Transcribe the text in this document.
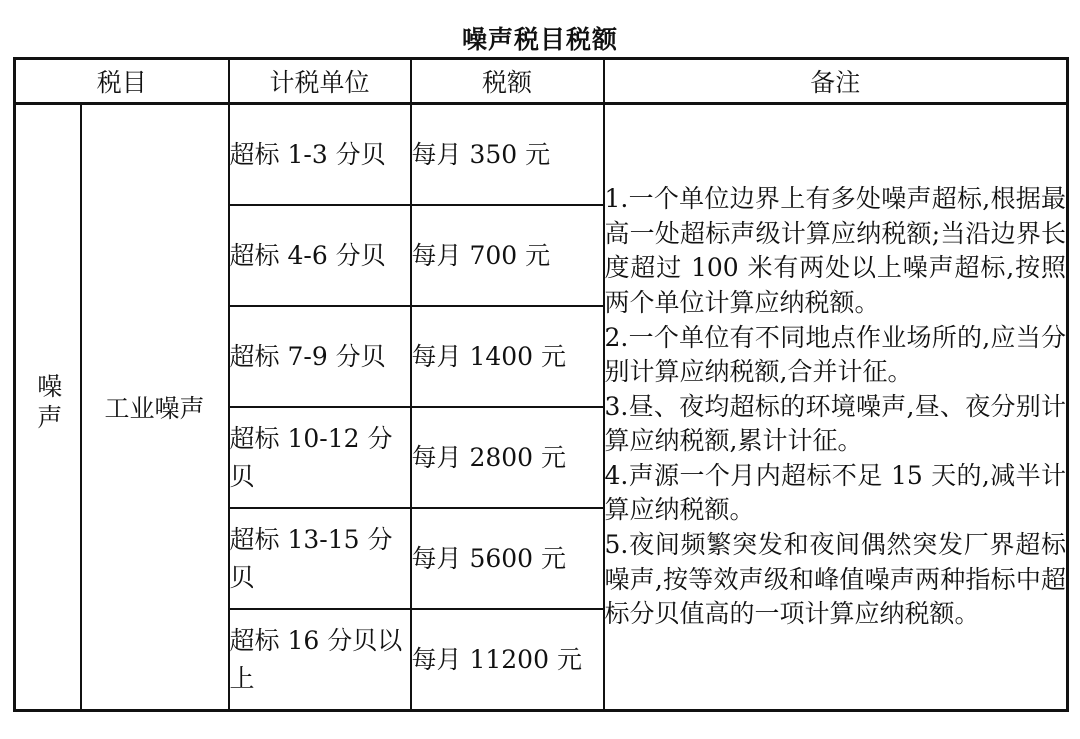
噪声税目税额
税目		计税单位	税额	备注
噪声	工业噪声	超标 1-3 分贝	每月 350 元	1.一个单位边界上有多处噪声超标,根据最高一处超标声级计算应纳税额;当沿边界长度超过 100 米有两处以上噪声超标,按照两个单位计算应纳税额。

2.一个单位有不同地点作业场所的,应当分别计算应纳税额,合并计征。

3.昼、夜均超标的环境噪声,昼、夜分别计算应纳税额,累计计征。

4.声源一个月内超标不足 15 天的,减半计算应纳税额。

5.夜间频繁突发和夜间偶然突发厂界超标噪声,按等效声级和峰值噪声两种指标中超标分贝值高的一项计算应纳税额。

		超标 4-6 分贝	每月 700 元	
		超标 7-9 分贝	每月 1400 元	
		超标 10-12 分贝	每月 2800 元	
		超标 13-15 分贝	每月 5600 元	
		超标 16 分贝以上	每月 11200 元	
